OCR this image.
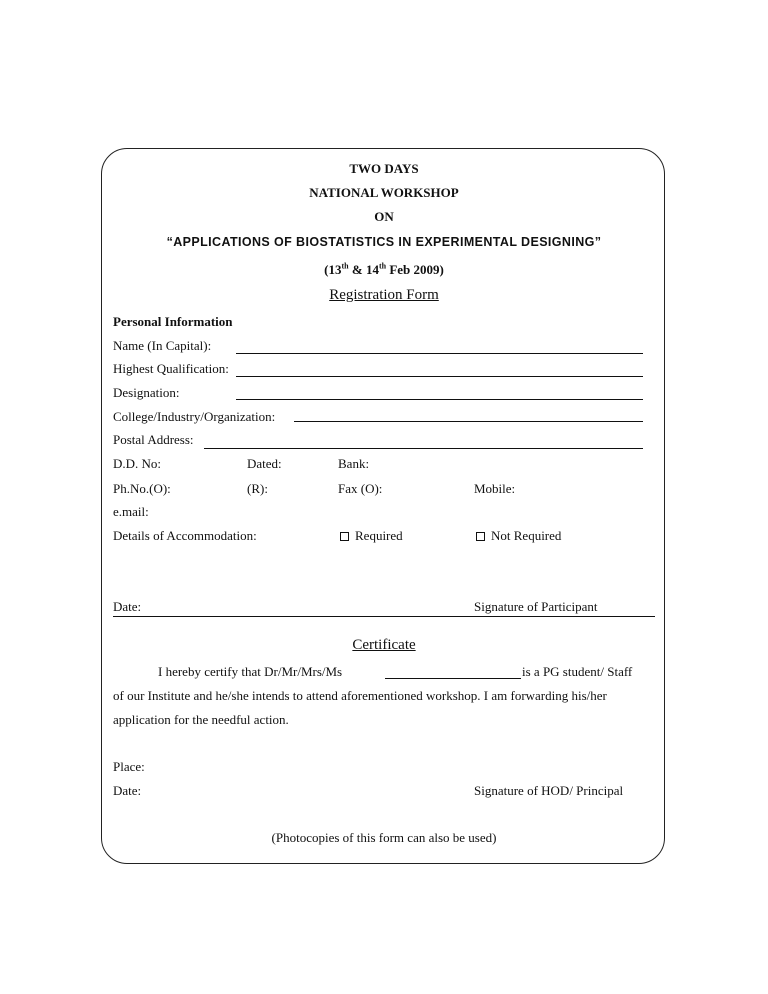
TWO DAYS
NATIONAL WORKSHOP
ON
“APPLICATIONS OF BIOSTATISTICS IN EXPERIMENTAL DESIGNING”
(13th & 14th Feb 2009)
Registration Form
Personal Information
Name (In Capital):
Highest Qualification:
Designation:
College/Industry/Organization:
Postal Address:
D.D. No:	Dated:	Bank:
Ph.No.(O):	(R):	Fax (O):	Mobile:
e.mail:
Details of Accommodation:	Required	Not Required
Date:	Signature of Participant
Certificate
I hereby certify that Dr/Mr/Mrs/Ms	is a PG student/ Staff
of our Institute and he/she intends to attend aforementioned workshop. I am forwarding his/her
application for the needful action.
Place:
Date:	Signature of HOD/ Principal
(Photocopies of this form can also be used)
